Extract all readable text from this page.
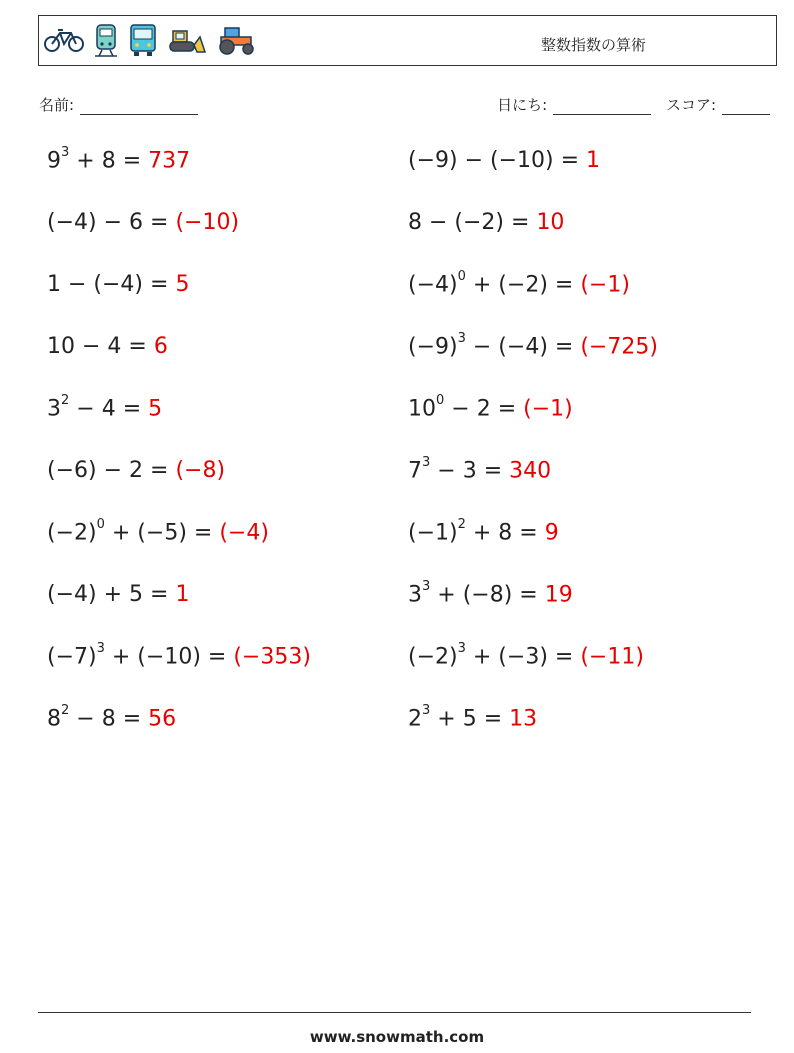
整数指数の算術
名前:	日にち:	スコア:
$9^3 + 8 = 737$	(−9) − (−10) = 1
(−4) − 6 = (−10)	8 − (−2) = 10
1 − (−4) = 5	$(-4)^0 + (-2) = (-1)$
10 − 4 = 6	$(-9)^3 - (-4) = (-725)$
$3^2 - 4 = 5$	$10^0 - 2 = (-1)$
(−6) − 2 = (−8)	$7^3 - 3 = 340$
$(-2)^0 + (-5) = (-4)$	$(-1)^2 + 8 = 9$
(−4) + 5 = 1	$3^3 + (-8) = 19$
$(-7)^3 + (-10) = (-353)$	$(-2)^3 + (-3) = (-11)$
$8^2 - 8 = 56$	$2^3 + 5 = 13$
www.snowmath.com
